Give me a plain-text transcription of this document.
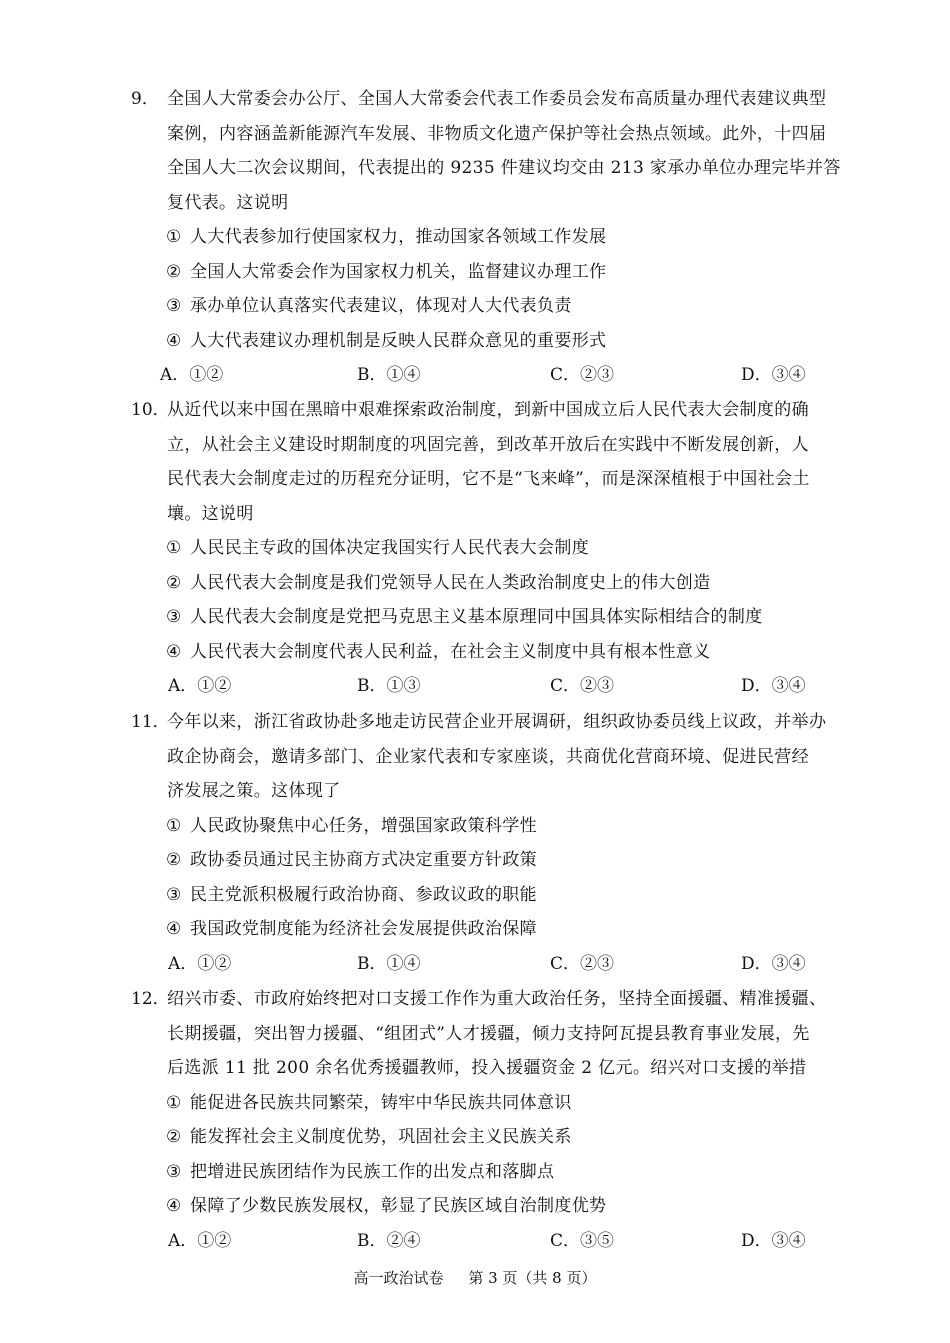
9． 全国人大常委会办公厅、全国人大常委会代表工作委员会发布高质量办理代表建议典型
案例，内容涵盖新能源汽车发展、非物质文化遗产保护等社会热点领域。此外，十四届
全国人大二次会议期间，代表提出的 9235 件建议均交由 213 家承办单位办理完毕并答
复代表。这说明
① 人大代表参加行使国家权力，推动国家各领域工作发展
② 全国人大常委会作为国家权力机关，监督建议办理工作
③ 承办单位认真落实代表建议，体现对人大代表负责
④ 人大代表建议办理机制是反映人民群众意见的重要形式
A．①②	B．①④	C．②③	D．③④
10．
从近代以来中国在黑暗中艰难探索政治制度，到新中国成立后人民代表大会制度的确
立，从社会主义建设时期制度的巩固完善，到改革开放后在实践中不断发展创新，人
民代表大会制度走过的历程充分证明，它不是“飞来峰”，而是深深植根于中国社会土
壤。这说明
① 人民民主专政的国体决定我国实行人民代表大会制度
② 人民代表大会制度是我们党领导人民在人类政治制度史上的伟大创造
③ 人民代表大会制度是党把马克思主义基本原理同中国具体实际相结合的制度
④ 人民代表大会制度代表人民利益，在社会主义制度中具有根本性意义
A．①②	B．①③	C．②③	D．③④
11．
今年以来，浙江省政协赴多地走访民营企业开展调研，组织政协委员线上议政，并举办
政企协商会，邀请多部门、企业家代表和专家座谈，共商优化营商环境、促进民营经
济发展之策。这体现了
① 人民政协聚焦中心任务，增强国家政策科学性
② 政协委员通过民主协商方式决定重要方针政策
③ 民主党派积极履行政治协商、参政议政的职能
④ 我国政党制度能为经济社会发展提供政治保障
A．①②	B．①④	C．②③	D．③④
12．
绍兴市委、市政府始终把对口支援工作作为重大政治任务，坚持全面援疆、精准援疆、
长期援疆，突出智力援疆、“组团式”人才援疆，倾力支持阿瓦提县教育事业发展，先
后选派 11 批 200 余名优秀援疆教师，投入援疆资金 2 亿元。绍兴对口支援的举措
① 能促进各民族共同繁荣，铸牢中华民族共同体意识
② 能发挥社会主义制度优势，巩固社会主义民族关系
③ 把增进民族团结作为民族工作的出发点和落脚点
④ 保障了少数民族发展权，彰显了民族区域自治制度优势
A．①②	B．②④	C．③⑤	D．③④
高一政治试卷 第 3 页（共 8 页）
